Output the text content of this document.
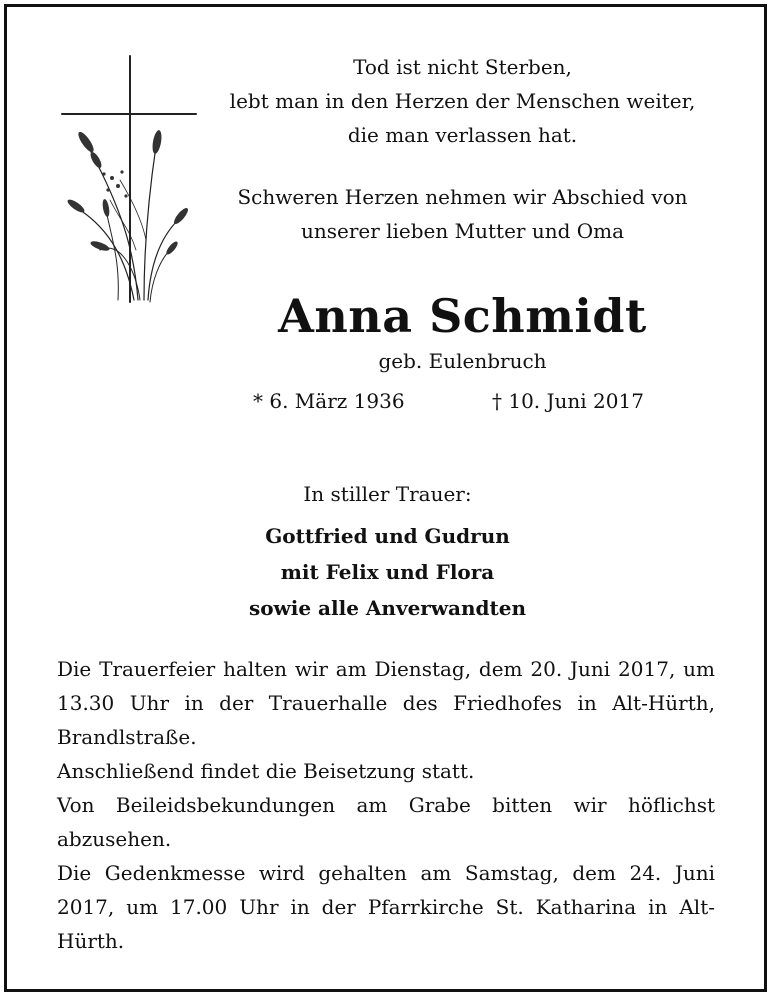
Tod ist nicht Sterben,
lebt man in den Herzen der Menschen weiter,
die man verlassen hat.
Schweren Herzen nehmen wir Abschied von
unserer lieben Mutter und Oma
Anna Schmidt
geb. Eulenbruch
* 6. März 1936	† 10. Juni 2017
In stiller Trauer:
Gottfried und Gudrun
mit Felix und Flora
sowie alle Anverwandten

Die Trauerfeier halten wir am Dienstag, dem 20. Juni 2017, um 13.30 Uhr in der Trauerhalle des Friedhofes in Alt-Hürth, Brandlstraße.

Anschließend findet die Beisetzung statt.

Von Beileidsbekundungen am Grabe bitten wir höflichst abzusehen.

Die Gedenkmesse wird gehalten am Samstag, dem 24. Juni 2017, um 17.00 Uhr in der Pfarrkirche St. Katharina in Alt-Hürth.
